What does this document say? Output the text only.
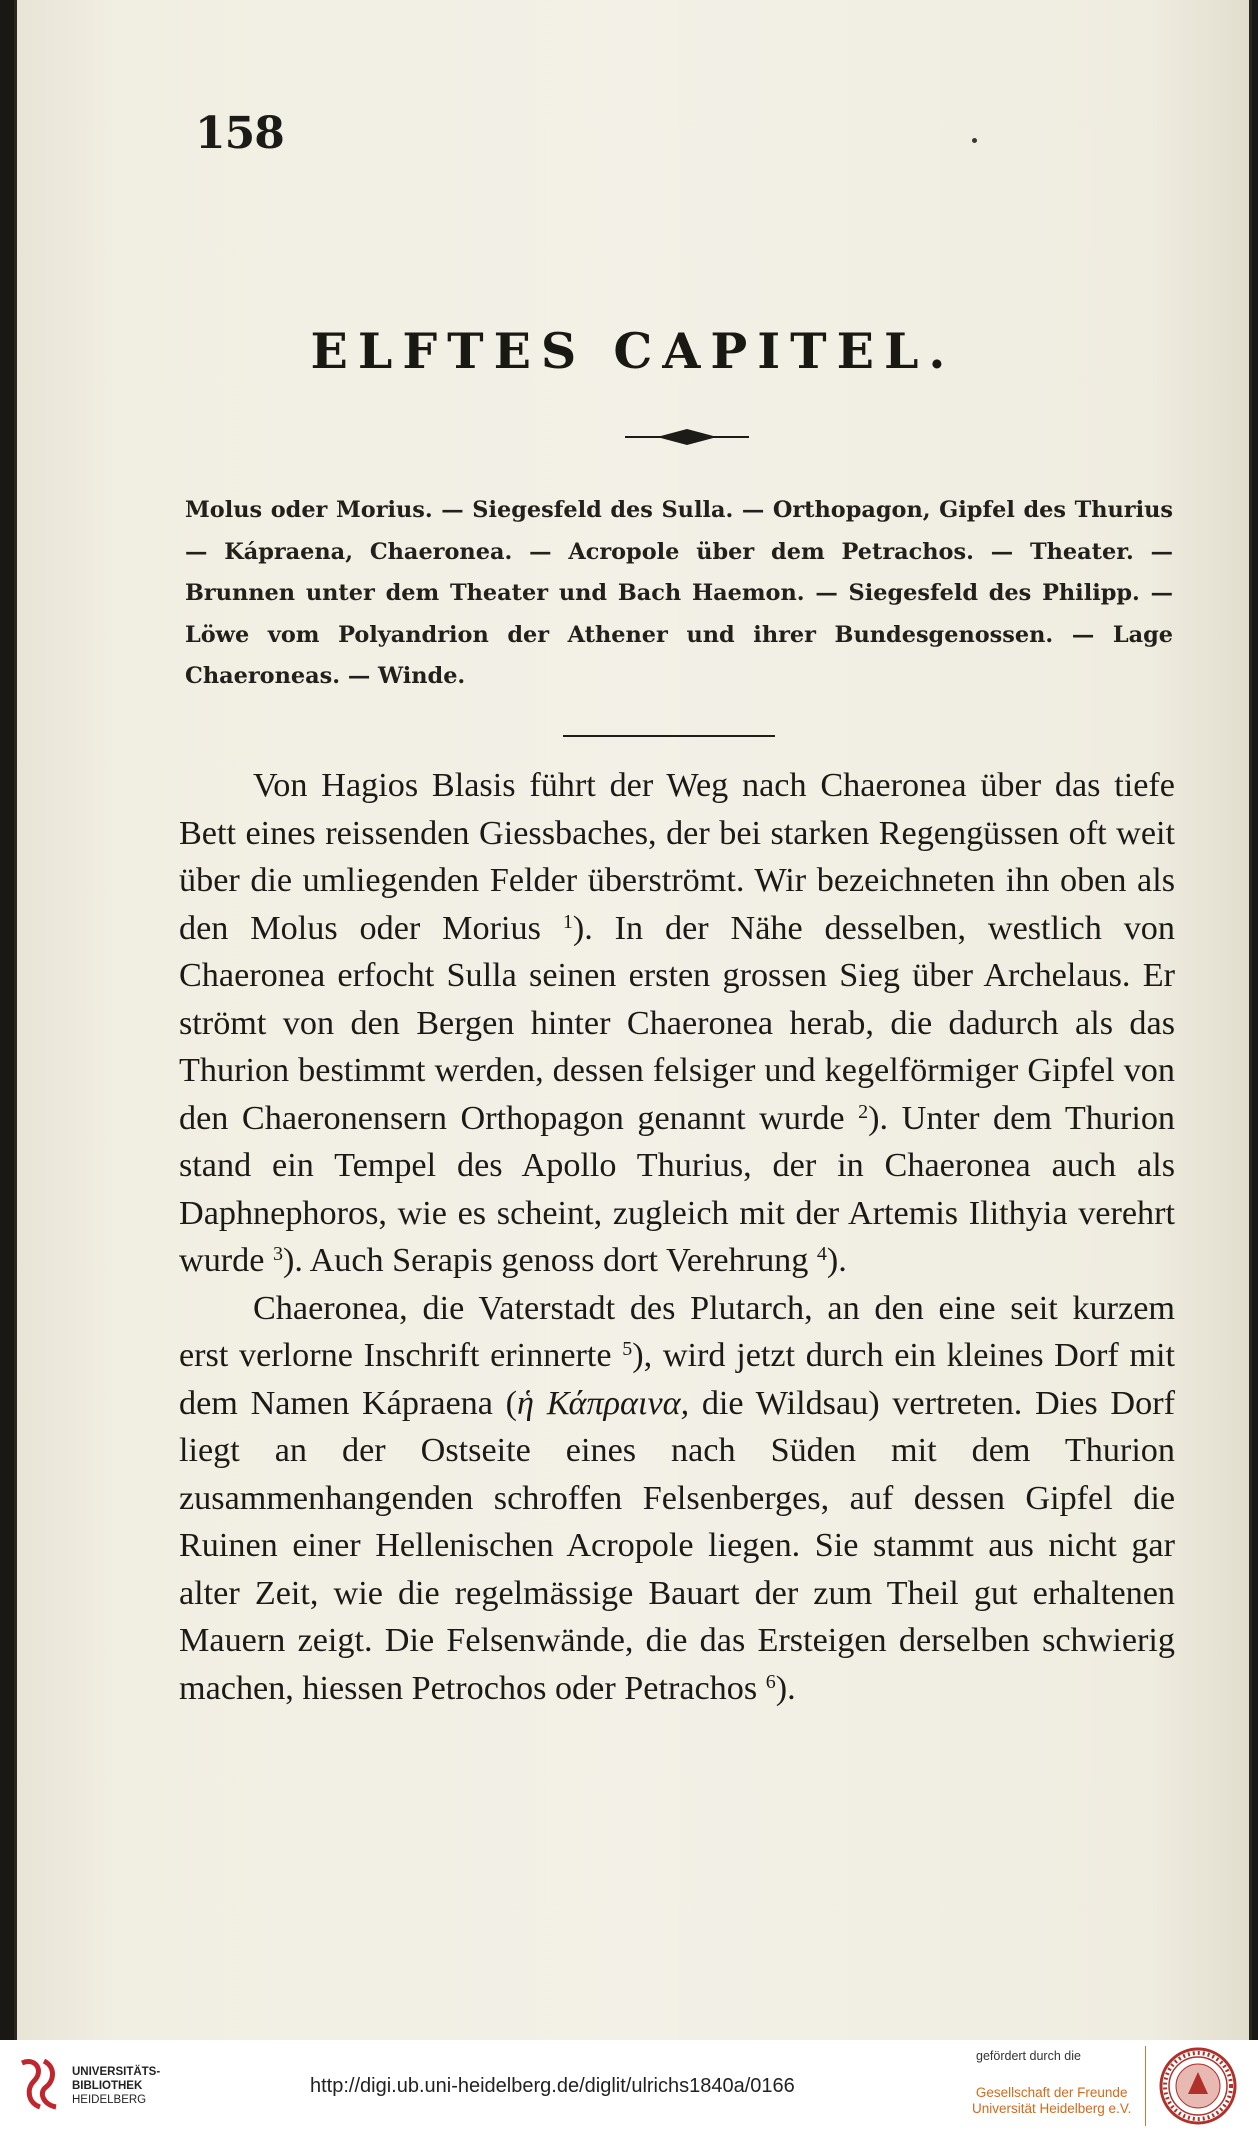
158
ELFTES CAPITEL.
Molus oder Morius. — Siegesfeld des Sulla. — Orthopagon, Gipfel des Thurius — Kápraena, Chaeronea. — Acropole über dem Petrachos. — Theater. — Brunnen unter dem Theater und Bach Haemon. — Siegesfeld des Philipp. — Löwe vom Polyandrion der Athener und ihrer Bundesgenossen. — Lage Chaeroneas. — Winde.

Von Hagios Blasis führt der Weg nach Chaeronea über das tiefe Bett eines reissenden Giessbaches, der bei starken Regengüssen oft weit über die umliegenden Felder überströmt. Wir bezeichneten ihn oben als den Molus oder Morius $^1$). In der Nähe desselben, westlich von Chaeronea erfocht Sulla seinen ersten grossen Sieg über Archelaus. Er strömt von den Bergen hinter Chaeronea herab, die dadurch als das Thurion bestimmt werden, dessen felsiger und kegelförmiger Gipfel von den Chaeronensern Orthopagon genannt wurde $^2$). Unter dem Thurion stand ein Tempel des Apollo Thurius, der in Chaeronea auch als Daphnephoros, wie es scheint, zugleich mit der Artemis Ilithyia verehrt wurde $^3$). Auch Serapis genoss dort Verehrung $^4$).

Chaeronea, die Vaterstadt des Plutarch, an den eine seit kurzem erst verlorne Inschrift erinnerte $^5$), wird jetzt durch ein kleines Dorf mit dem Namen Kápraena (ἡ Κάπραινα, die Wildsau) vertreten. Dies Dorf liegt an der Ostseite eines nach Süden mit dem Thurion zusammenhangenden schroffen Felsenberges, auf dessen Gipfel die Ruinen einer Hellenischen Acropole liegen. Sie stammt aus nicht gar alter Zeit, wie die regelmässige Bauart der zum Theil gut erhaltenen Mauern zeigt. Die Felsenwände, die das Ersteigen derselben schwierig machen, hiessen Petrochos oder Petrachos $^6$).

UNIVERSITÄTS-
BIBLIOTHEK
HEIDELBERG
http://digi.ub.uni-heidelberg.de/diglit/ulrichs1840a/0166
gefördert durch die
Gesellschaft der Freunde
Universität Heidelberg e.V.
